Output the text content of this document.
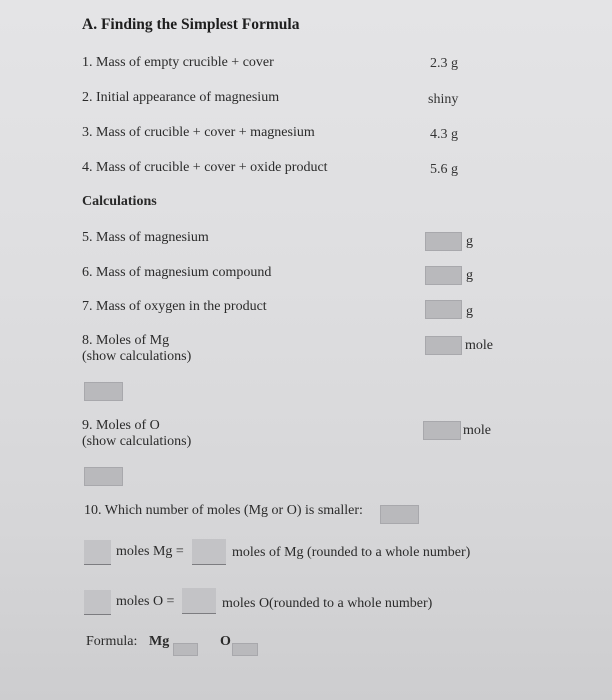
A. Finding the Simplest Formula
1. Mass of empty crucible + cover	2.3 g
2. Initial appearance of magnesium	shiny
3. Mass of crucible + cover + magnesium	4.3 g
4. Mass of crucible + cover + oxide product	5.6 g
Calculations
5. Mass of magnesium	g
6. Mass of magnesium compound	g
7. Mass of oxygen in the product	g
8. Moles of Mg
(show calculations)
mole
9. Moles of O
(show calculations)
mole
10. Which number of moles (Mg or O) is smaller:
moles Mg =	moles of Mg (rounded to a whole number)
moles O =	moles O(rounded to a whole number)
Formula: Mg	O
